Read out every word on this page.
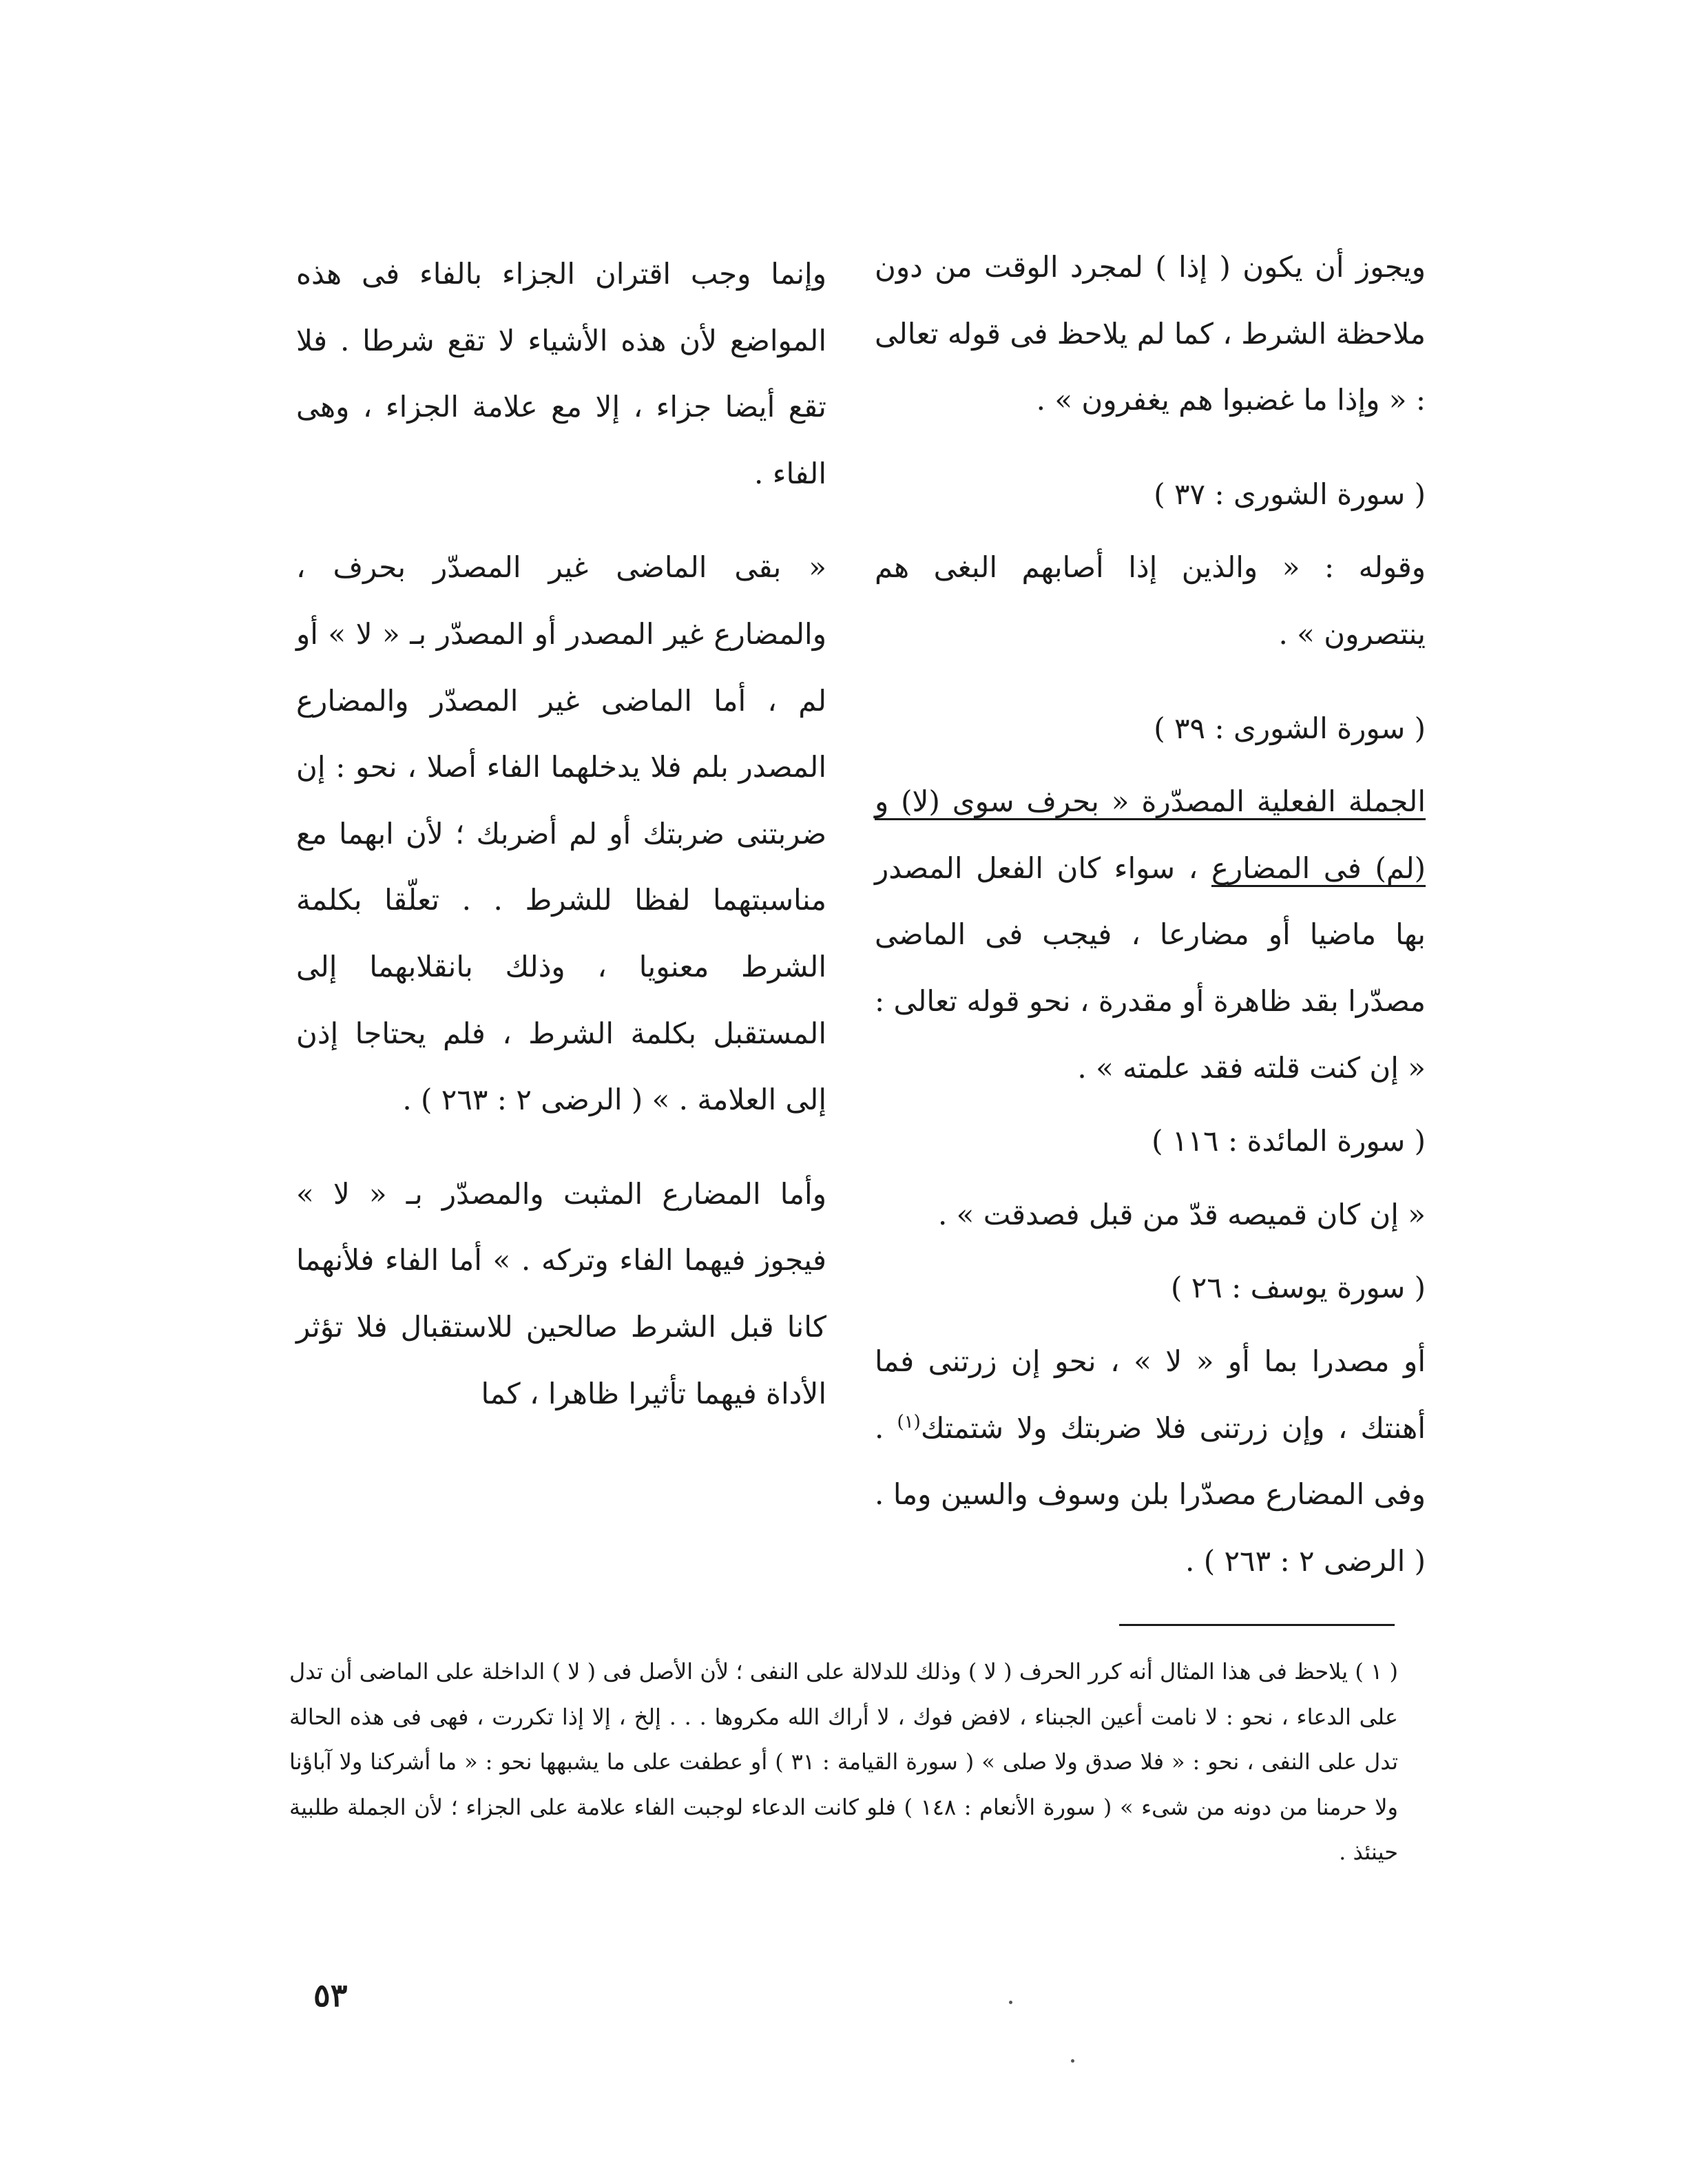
ويجوز أن يكون ( إذا ) لمجرد الوقت من دون ملاحظة الشرط ، كما لم يلاحظ فى قوله تعالى : « وإذا ما غضبوا هم يغفرون » .

( سورة الشورى : ٣٧ )

وقوله : « والذين إذا أصابهم البغى هم ينتصرون » .

( سورة الشورى : ٣٩ )

الجملة الفعلية المصدّرة « بحرف سوى (لا) و (لم) فى المضارع ، سواء كان الفعل المصدر بها ماضيا أو مضارعا ، فيجب فى الماضى مصدّرا بقد ظاهرة أو مقدرة ، نحو قوله تعالى : « إن كنت قلته فقد علمته » .

( سورة المائدة : ١١٦ )

« إن كان قميصه قدّ من قبل فصدقت » .

( سورة يوسف : ٢٦ )

أو مصدرا بما أو « لا » ، نحو إن زرتنى فما أهنتك ، وإن زرتنى فلا ضربتك ولا شتمتك$^{(١)}$ . وفى المضارع مصدّرا بلن وسوف والسين وما . ( الرضى ٢ : ٢٦٣ ) .

وإنما وجب اقتران الجزاء بالفاء فى هذه المواضع لأن هذه الأشياء لا تقع شرطا . فلا تقع أيضا جزاء ، إلا مع علامة الجزاء ، وهى الفاء .

« بقى الماضى غير المصدّر بحرف ، والمضارع غير المصدر أو المصدّر بـ « لا » أو لم ، أما الماضى غير المصدّر والمضارع المصدر بلم فلا يدخلهما الفاء أصلا ، نحو : إن ضربتنى ضربتك أو لم أضربك ؛ لأن ابهما مع مناسبتهما لفظا للشرط . . تعلّقا بكلمة الشرط معنويا ، وذلك بانقلابهما إلى المستقبل بكلمة الشرط ، فلم يحتاجا إذن إلى العلامة . » ( الرضى ٢ : ٢٦٣ ) .

وأما المضارع المثبت والمصدّر بـ « لا » فيجوز فيهما الفاء وتركه . » أما الفاء فلأنهما كانا قبل الشرط صالحين للاستقبال فلا تؤثر الأداة فيهما تأثيرا ظاهرا ، كما

( ١ ) يلاحظ فى هذا المثال أنه كرر الحرف ( لا ) وذلك للدلالة على النفى ؛ لأن الأصل فى ( لا ) الداخلة على الماضى أن تدل على الدعاء ، نحو : لا نامت أعين الجبناء ، لافض فوك ، لا أراك الله مكروها . . . إلخ ، إلا إذا تكررت ، فهى فى هذه الحالة تدل على النفى ، نحو : « فلا صدق ولا صلى » ( سورة القيامة : ٣١ ) أو عطفت على ما يشبهها نحو : « ما أشركنا ولا آباؤنا ولا حرمنا من دونه من شىء » ( سورة الأنعام : ١٤٨ ) فلو كانت الدعاء لوجبت الفاء علامة على الجزاء ؛ لأن الجملة طلبية حينئذ .

٥٣
